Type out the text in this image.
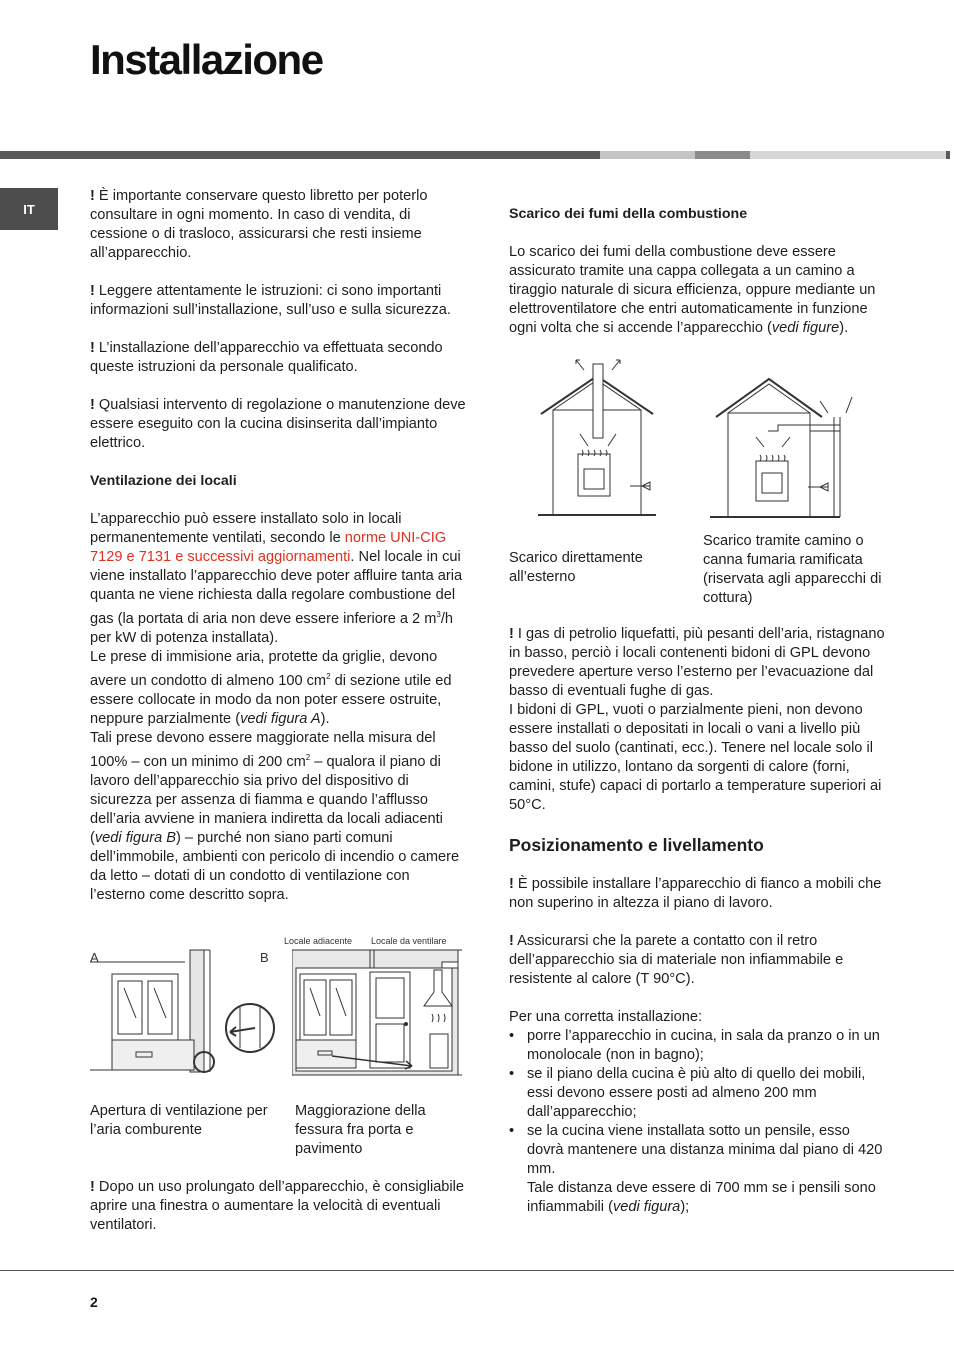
Installazione
IT

! È importante conservare questo libretto per poterlo consultare in ogni momento. In caso di vendita, di cessione o di trasloco, assicurarsi che resti insieme all’apparecchio.

! Leggere attentamente le istruzioni: ci sono importanti informazioni sull’installazione, sull’uso e sulla sicurezza.

! L’installazione dell’apparecchio va effettuata secondo queste istruzioni da personale qualificato.

! Qualsiasi intervento di regolazione o manutenzione deve essere eseguito con la cucina disinserita dall’impianto elettrico.

Ventilazione dei locali

L’apparecchio può essere installato solo in locali permanentemente ventilati, secondo le norme UNI-CIG 7129 e 7131 e successivi aggiornamenti. Nel locale in cui viene installato l’apparecchio deve poter affluire tanta aria quanta ne viene richiesta dalla regolare combustione del gas (la portata di aria non deve essere inferiore a 2 $m^3/h$ per kW di potenza installata).
Le prese di immisione aria, protette da griglie, devono avere un condotto di almeno 100 $cm^2$ di sezione utile ed essere collocate in modo da non poter essere ostruite, neppure parzialmente (vedi figura A).
Tali prese devono essere maggiorate nella misura del 100% – con un minimo di 200 $cm^2$ – qualora il piano di lavoro dell’apparecchio sia privo del dispositivo di sicurezza per assenza di fiamma e quando l’afflusso dell’aria avviene in maniera indiretta da locali adiacenti (vedi figura B) – purché non siano parti comuni dell’immobile, ambienti con pericolo di incendio o camere da letto – dotati di un condotto di ventilazione con l’esterno come descritto sopra.

A	B
Locale adiacente Locale da ventilare
Apertura di ventilazione per l’aria comburente
Maggiorazione della fessura fra porta e pavimento

! Dopo un uso prolungato dell’apparecchio, è consigliabile aprire una finestra o aumentare la velocità di eventuali ventilatori.

Scarico dei fumi della combustione

Lo scarico dei fumi della combustione deve essere assicurato tramite una cappa collegata a un camino a tiraggio naturale di sicura efficienza, oppure mediante un elettroventilatore che entri automaticamente in funzione ogni volta che si accende l’apparecchio (vedi figure).

Scarico direttamente all’esterno
Scarico tramite camino o canna fumaria ramificata (riservata agli apparecchi di cottura)

! I gas di petrolio liquefatti, più pesanti dell’aria, ristagnano in basso, perciò i locali contenenti bidoni di GPL devono prevedere aperture verso l’esterno per l’evacuazione dal basso di eventuali fughe di gas.

I bidoni di GPL, vuoti o parzialmente pieni, non devono essere installati o depositati in locali o vani a livello più basso del suolo (cantinati, ecc.). Tenere nel locale solo il bidone in utilizzo, lontano da sorgenti di calore (forni, camini, stufe) capaci di portarlo a temperature superiori ai 50°C.

Posizionamento e livellamento

! È possibile installare l’apparecchio di fianco a mobili che non superino in altezza il piano di lavoro.

! Assicurarsi che la parete a contatto con il retro dell’apparecchio sia di materiale non infiammabile e resistente al calore (T 90°C).

Per una corretta installazione:

• porre l’apparecchio in cucina, in sala da pranzo o in un monolocale (non in bagno);
• se il piano della cucina è più alto di quello dei mobili, essi devono essere posti ad almeno 200 mm dall’apparecchio;
• se la cucina viene installata sotto un pensile, esso dovrà mantenere una distanza minima dal piano di 420 mm.

Tale distanza deve essere di 700 mm se i pensili sono infiammabili (vedi figura);

2
